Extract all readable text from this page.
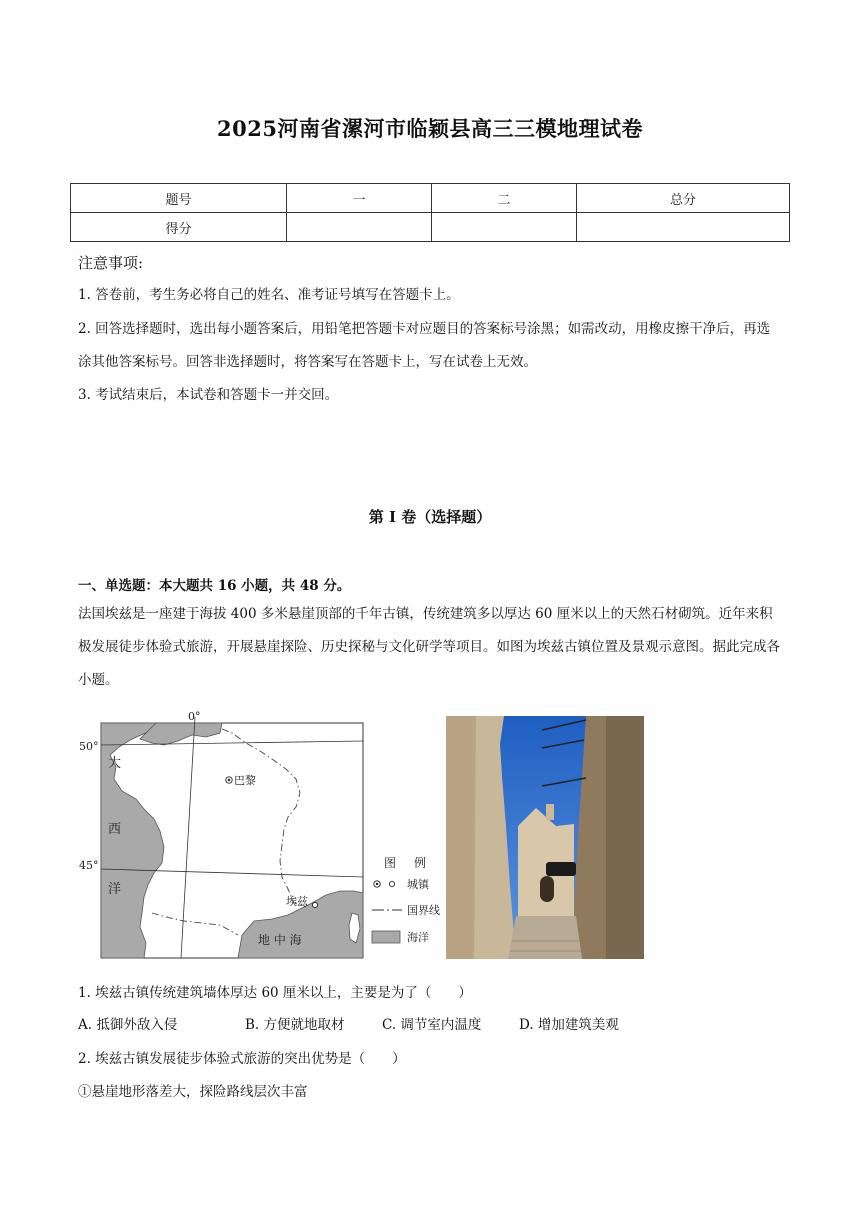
2025河南省漯河市临颖县高三三模地理试卷
题号	一	二	总分
得分			
注意事项:
1. 答卷前，考生务必将自己的姓名、准考证号填写在答题卡上。
2. 回答选择题时，选出每小题答案后，用铅笔把答题卡对应题目的答案标号涂黑；如需改动，用橡皮擦干净后，再选涂其他答案标号。回答非选择题时，将答案写在答题卡上，写在试卷上无效。
3. 考试结束后，本试卷和答题卡一并交回。
第 I 卷（选择题）
一、单选题：本大题共 16 小题，共 48 分。
法国埃兹是一座建于海拔 400 多米悬崖顶部的千年古镇，传统建筑多以厚达 60 厘米以上的天然石材砌筑。近年来积极发展徒步体验式旅游，开展悬崖探险、历史探秘与文化研学等项目。如图为埃兹古镇位置及景观示意图。据此完成各小题。
0°
50°
45°
大
西
洋
地 中 海
巴黎
埃兹
图 例
城镇
国界线
海洋
1. 埃兹古镇传统建筑墙体厚达 60 厘米以上，主要是为了（　　）
A. 抵御外敌入侵	B. 方便就地取材	C. 调节室内温度	D. 增加建筑美观
2. 埃兹古镇发展徒步体验式旅游的突出优势是（　　）
①悬崖地形落差大，探险路线层次丰富
